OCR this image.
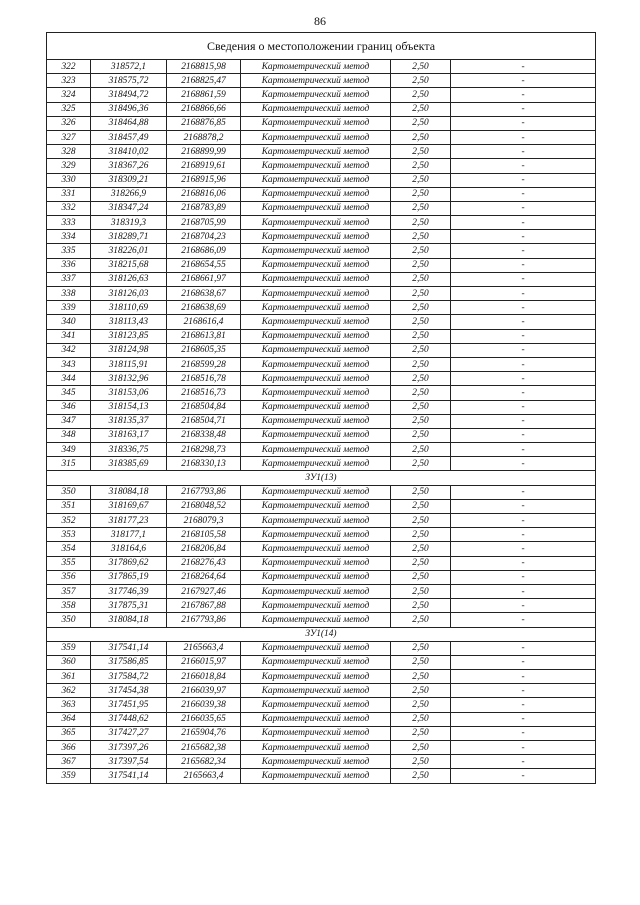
86
Сведения о местоположении границ объекта					
322	318572,1	2168815,98	Картометрический метод	2,50	-
323	318575,72	2168825,47	Картометрический метод	2,50	-
324	318494,72	2168861,59	Картометрический метод	2,50	-
325	318496,36	2168866,66	Картометрический метод	2,50	-
326	318464,88	2168876,85	Картометрический метод	2,50	-
327	318457,49	2168878,2	Картометрический метод	2,50	-
328	318410,02	2168899,99	Картометрический метод	2,50	-
329	318367,26	2168919,61	Картометрический метод	2,50	-
330	318309,21	2168915,96	Картометрический метод	2,50	-
331	318266,9	2168816,06	Картометрический метод	2,50	-
332	318347,24	2168783,89	Картометрический метод	2,50	-
333	318319,3	2168705,99	Картометрический метод	2,50	-
334	318289,71	2168704,23	Картометрический метод	2,50	-
335	318226,01	2168686,09	Картометрический метод	2,50	-
336	318215,68	2168654,55	Картометрический метод	2,50	-
337	318126,63	2168661,97	Картометрический метод	2,50	-
338	318126,03	2168638,67	Картометрический метод	2,50	-
339	318110,69	2168638,69	Картометрический метод	2,50	-
340	318113,43	2168616,4	Картометрический метод	2,50	-
341	318123,85	2168613,81	Картометрический метод	2,50	-
342	318124,98	2168605,35	Картометрический метод	2,50	-
343	318115,91	2168599,28	Картометрический метод	2,50	-
344	318132,96	2168516,78	Картометрический метод	2,50	-
345	318153,06	2168516,73	Картометрический метод	2,50	-
346	318154,13	2168504,84	Картометрический метод	2,50	-
347	318135,37	2168504,71	Картометрический метод	2,50	-
348	318163,17	2168338,48	Картометрический метод	2,50	-
349	318336,75	2168298,73	Картометрический метод	2,50	-
315	318385,69	2168330,13	Картометрический метод	2,50	-
ЗУ1(13)					
350	318084,18	2167793,86	Картометрический метод	2,50	-
351	318169,67	2168048,52	Картометрический метод	2,50	-
352	318177,23	2168079,3	Картометрический метод	2,50	-
353	318177,1	2168105,58	Картометрический метод	2,50	-
354	318164,6	2168206,84	Картометрический метод	2,50	-
355	317869,62	2168276,43	Картометрический метод	2,50	-
356	317865,19	2168264,64	Картометрический метод	2,50	-
357	317746,39	2167927,46	Картометрический метод	2,50	-
358	317875,31	2167867,88	Картометрический метод	2,50	-
350	318084,18	2167793,86	Картометрический метод	2,50	-
ЗУ1(14)					
359	317541,14	2165663,4	Картометрический метод	2,50	-
360	317586,85	2166015,97	Картометрический метод	2,50	-
361	317584,72	2166018,84	Картометрический метод	2,50	-
362	317454,38	2166039,97	Картометрический метод	2,50	-
363	317451,95	2166039,38	Картометрический метод	2,50	-
364	317448,62	2166035,65	Картометрический метод	2,50	-
365	317427,27	2165904,76	Картометрический метод	2,50	-
366	317397,26	2165682,38	Картометрический метод	2,50	-
367	317397,54	2165682,34	Картометрический метод	2,50	-
359	317541,14	2165663,4	Картометрический метод	2,50	-
